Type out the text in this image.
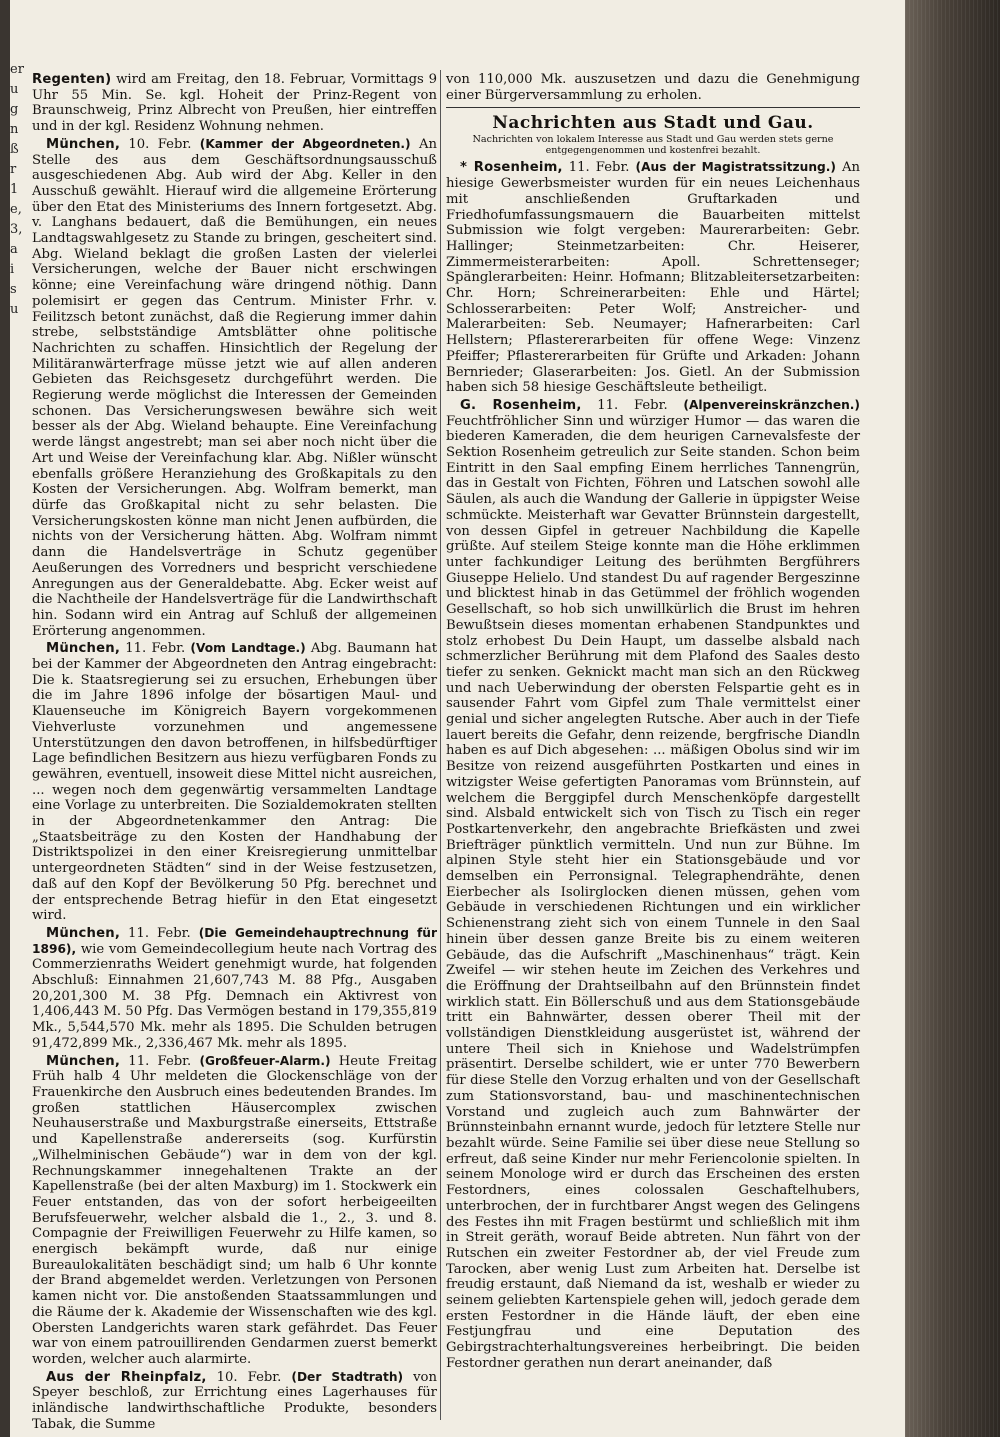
er
u
g
n
ß
r
1
e,
3,
a
i
s
u

Regenten) wird am Freitag, den 18. Februar, Vormittags 9 Uhr 55 Min. Se. kgl. Hoheit der Prinz-Regent von Braunschweig, Prinz Albrecht von Preußen, hier eintreffen und in der kgl. Residenz Wohnung nehmen.

München, 10. Febr. (Kammer der Abgeordneten.) An Stelle des aus dem Geschäftsordnungsausschuß ausgeschiedenen Abg. Aub wird der Abg. Keller in den Ausschuß gewählt. Hierauf wird die allgemeine Erörterung über den Etat des Ministeriums des Innern fortgesetzt. Abg. v. Langhans bedauert, daß die Bemühungen, ein neues Landtagswahlgesetz zu Stande zu bringen, gescheitert sind. Abg. Wieland beklagt die großen Lasten der vielerlei Versicherungen, welche der Bauer nicht erschwingen könne; eine Vereinfachung wäre dringend nöthig. Dann polemisirt er gegen das Centrum. Minister Frhr. v. Feilitzsch betont zunächst, daß die Regierung immer dahin strebe, selbstständige Amtsblätter ohne politische Nachrichten zu schaffen. Hinsichtlich der Regelung der Militäranwärterfrage müsse jetzt wie auf allen anderen Gebieten das Reichsgesetz durchgeführt werden. Die Regierung werde möglichst die Interessen der Gemeinden schonen. Das Versicherungswesen bewähre sich weit besser als der Abg. Wieland behaupte. Eine Vereinfachung werde längst angestrebt; man sei aber noch nicht über die Art und Weise der Vereinfachung klar. Abg. Nißler wünscht ebenfalls größere Heranziehung des Großkapitals zu den Kosten der Versicherungen. Abg. Wolfram bemerkt, man dürfe das Großkapital nicht zu sehr belasten. Die Versicherungskosten könne man nicht Jenen aufbürden, die nichts von der Versicherung hätten. Abg. Wolfram nimmt dann die Handelsverträge in Schutz gegenüber Aeußerungen des Vorredners und bespricht verschiedene Anregungen aus der Generaldebatte. Abg. Ecker weist auf die Nachtheile der Handelsverträge für die Landwirthschaft hin. Sodann wird ein Antrag auf Schluß der allgemeinen Erörterung angenommen.

München, 11. Febr. (Vom Landtage.) Abg. Baumann hat bei der Kammer der Abgeordneten den Antrag eingebracht: Die k. Staatsregierung sei zu ersuchen, Erhebungen über die im Jahre 1896 infolge der bösartigen Maul- und Klauenseuche im Königreich Bayern vorgekommenen Viehverluste vorzunehmen und angemessene Unterstützungen den davon betroffenen, in hilfsbedürftiger Lage befindlichen Besitzern aus hiezu verfügbaren Fonds zu gewähren, eventuell, insoweit diese Mittel nicht ausreichen, ... wegen noch dem gegenwärtig versammelten Landtage eine Vorlage zu unterbreiten. Die Sozialdemokraten stellten in der Abgeordnetenkammer den Antrag: Die „Staatsbeiträge zu den Kosten der Handhabung der Distriktspolizei in den einer Kreisregierung unmittelbar untergeordneten Städten“ sind in der Weise festzusetzen, daß auf den Kopf der Bevölkerung 50 Pfg. berechnet und der entsprechende Betrag hiefür in den Etat eingesetzt wird.

München, 11. Febr. (Die Gemeindehauptrechnung für 1896), wie vom Gemeindecollegium heute nach Vortrag des Commerzienraths Weidert genehmigt wurde, hat folgenden Abschluß: Einnahmen 21,607,743 M. 88 Pfg., Ausgaben 20,201,300 M. 38 Pfg. Demnach ein Aktivrest von 1,406,443 M. 50 Pfg. Das Vermögen bestand in 179,355,819 Mk., 5,544,570 Mk. mehr als 1895. Die Schulden betrugen 91,472,899 Mk., 2,336,467 Mk. mehr als 1895.

München, 11. Febr. (Großfeuer-Alarm.) Heute Freitag Früh halb 4 Uhr meldeten die Glockenschläge von der Frauenkirche den Ausbruch eines bedeutenden Brandes. Im großen stattlichen Häusercomplex zwischen Neuhauserstraße und Maxburgstraße einerseits, Ettstraße und Kapellenstraße andererseits (sog. Kurfürstin „Wilhelminischen Gebäude“) war in dem von der kgl. Rechnungskammer innegehaltenen Trakte an der Kapellenstraße (bei der alten Maxburg) im 1. Stockwerk ein Feuer entstanden, das von der sofort herbeigeeilten Berufsfeuerwehr, welcher alsbald die 1., 2., 3. und 8. Compagnie der Freiwilligen Feuerwehr zu Hilfe kamen, so energisch bekämpft wurde, daß nur einige Bureaulokalitäten beschädigt sind; um halb 6 Uhr konnte der Brand abgemeldet werden. Verletzungen von Personen kamen nicht vor. Die anstoßenden Staatssammlungen und die Räume der k. Akademie der Wissenschaften wie des kgl. Obersten Landgerichts waren stark gefährdet. Das Feuer war von einem patrouillirenden Gendarmen zuerst bemerkt worden, welcher auch alarmirte.

Aus der Rheinpfalz, 10. Febr. (Der Stadtrath) von Speyer beschloß, zur Errichtung eines Lagerhauses für inländische landwirthschaftliche Produkte, besonders Tabak, die Summe

von 110,000 Mk. auszusetzen und dazu die Genehmigung einer Bürgerversammlung zu erholen.

Nachrichten aus Stadt und Gau.
Nachrichten von lokalem Interesse aus Stadt und Gau werden stets gerne entgegengenommen und kostenfrei bezahlt.

* Rosenheim, 11. Febr. (Aus der Magistratssitzung.) An hiesige Gewerbsmeister wurden für ein neues Leichenhaus mit anschließenden Gruftarkaden und Friedhofumfassungsmauern die Bauarbeiten mittelst Submission wie folgt vergeben: Maurerarbeiten: Gebr. Hallinger; Steinmetzarbeiten: Chr. Heiserer, Zimmermeisterarbeiten: Apoll. Schrettenseger; Spänglerarbeiten: Heinr. Hofmann; Blitzableitersetzarbeiten: Chr. Horn; Schreinerarbeiten: Ehle und Härtel; Schlosserarbeiten: Peter Wolf; Anstreicher- und Malerarbeiten: Seb. Neumayer; Hafnerarbeiten: Carl Hellstern; Pflastererarbeiten für offene Wege: Vinzenz Pfeiffer; Pflastererarbeiten für Grüfte und Arkaden: Johann Bernrieder; Glaserarbeiten: Jos. Gietl. An der Submission haben sich 58 hiesige Geschäftsleute betheiligt.

G. Rosenheim, 11. Febr. (Alpenvereinskränzchen.) Feuchtfröhlicher Sinn und würziger Humor — das waren die biederen Kameraden, die dem heurigen Carnevalsfeste der Sektion Rosenheim getreulich zur Seite standen. Schon beim Eintritt in den Saal empfing Einem herrliches Tannengrün, das in Gestalt von Fichten, Föhren und Latschen sowohl alle Säulen, als auch die Wandung der Gallerie in üppigster Weise schmückte. Meisterhaft war Gevatter Brünnstein dargestellt, von dessen Gipfel in getreuer Nachbildung die Kapelle grüßte. Auf steilem Steige konnte man die Höhe erklimmen unter fachkundiger Leitung des berühmten Bergführers Giuseppe Helielo. Und standest Du auf ragender Bergeszinne und blicktest hinab in das Getümmel der fröhlich wogenden Gesellschaft, so hob sich unwillkürlich die Brust im hehren Bewußtsein dieses momentan erhabenen Standpunktes und stolz erhobest Du Dein Haupt, um dasselbe alsbald nach schmerzlicher Berührung mit dem Plafond des Saales desto tiefer zu senken. Geknickt macht man sich an den Rückweg und nach Ueberwindung der obersten Felspartie geht es in sausender Fahrt vom Gipfel zum Thale vermittelst einer genial und sicher angelegten Rutsche. Aber auch in der Tiefe lauert bereits die Gefahr, denn reizende, bergfrische Diandln haben es auf Dich abgesehen: ... mäßigen Obolus sind wir im Besitze von reizend ausgeführten Postkarten und eines in witzigster Weise gefertigten Panoramas vom Brünnstein, auf welchem die Berggipfel durch Menschenköpfe dargestellt sind. Alsbald entwickelt sich von Tisch zu Tisch ein reger Postkartenverkehr, den angebrachte Briefkästen und zwei Briefträger pünktlich vermitteln. Und nun zur Bühne. Im alpinen Style steht hier ein Stationsgebäude und vor demselben ein Perronsignal. Telegraphendrähte, denen Eierbecher als Isolirglocken dienen müssen, gehen vom Gebäude in verschiedenen Richtungen und ein wirklicher Schienenstrang zieht sich von einem Tunnele in den Saal hinein über dessen ganze Breite bis zu einem weiteren Gebäude, das die Aufschrift „Maschinenhaus“ trägt. Kein Zweifel — wir stehen heute im Zeichen des Verkehres und die Eröffnung der Drahtseilbahn auf den Brünnstein findet wirklich statt. Ein Böllerschuß und aus dem Stationsgebäude tritt ein Bahnwärter, dessen oberer Theil mit der vollständigen Dienstkleidung ausgerüstet ist, während der untere Theil sich in Kniehose und Wadelstrümpfen präsentirt. Derselbe schildert, wie er unter 770 Bewerbern für diese Stelle den Vorzug erhalten und von der Gesellschaft zum Stationsvorstand, bau- und maschinentechnischen Vorstand und zugleich auch zum Bahnwärter der Brünnsteinbahn ernannt wurde, jedoch für letztere Stelle nur bezahlt würde. Seine Familie sei über diese neue Stellung so erfreut, daß seine Kinder nur mehr Feriencolonie spielten. In seinem Monologe wird er durch das Erscheinen des ersten Festordners, eines colossalen Geschaftelhubers, unterbrochen, der in furchtbarer Angst wegen des Gelingens des Festes ihn mit Fragen bestürmt und schließlich mit ihm in Streit geräth, worauf Beide abtreten. Nun fährt von der Rutschen ein zweiter Festordner ab, der viel Freude zum Tarocken, aber wenig Lust zum Arbeiten hat. Derselbe ist freudig erstaunt, daß Niemand da ist, weshalb er wieder zu seinem geliebten Kartenspiele gehen will, jedoch gerade dem ersten Festordner in die Hände läuft, der eben eine Festjungfrau und eine Deputation des Gebirgstrachterhaltungsvereines herbeibringt. Die beiden Festordner gerathen nun derart aneinander, daß
